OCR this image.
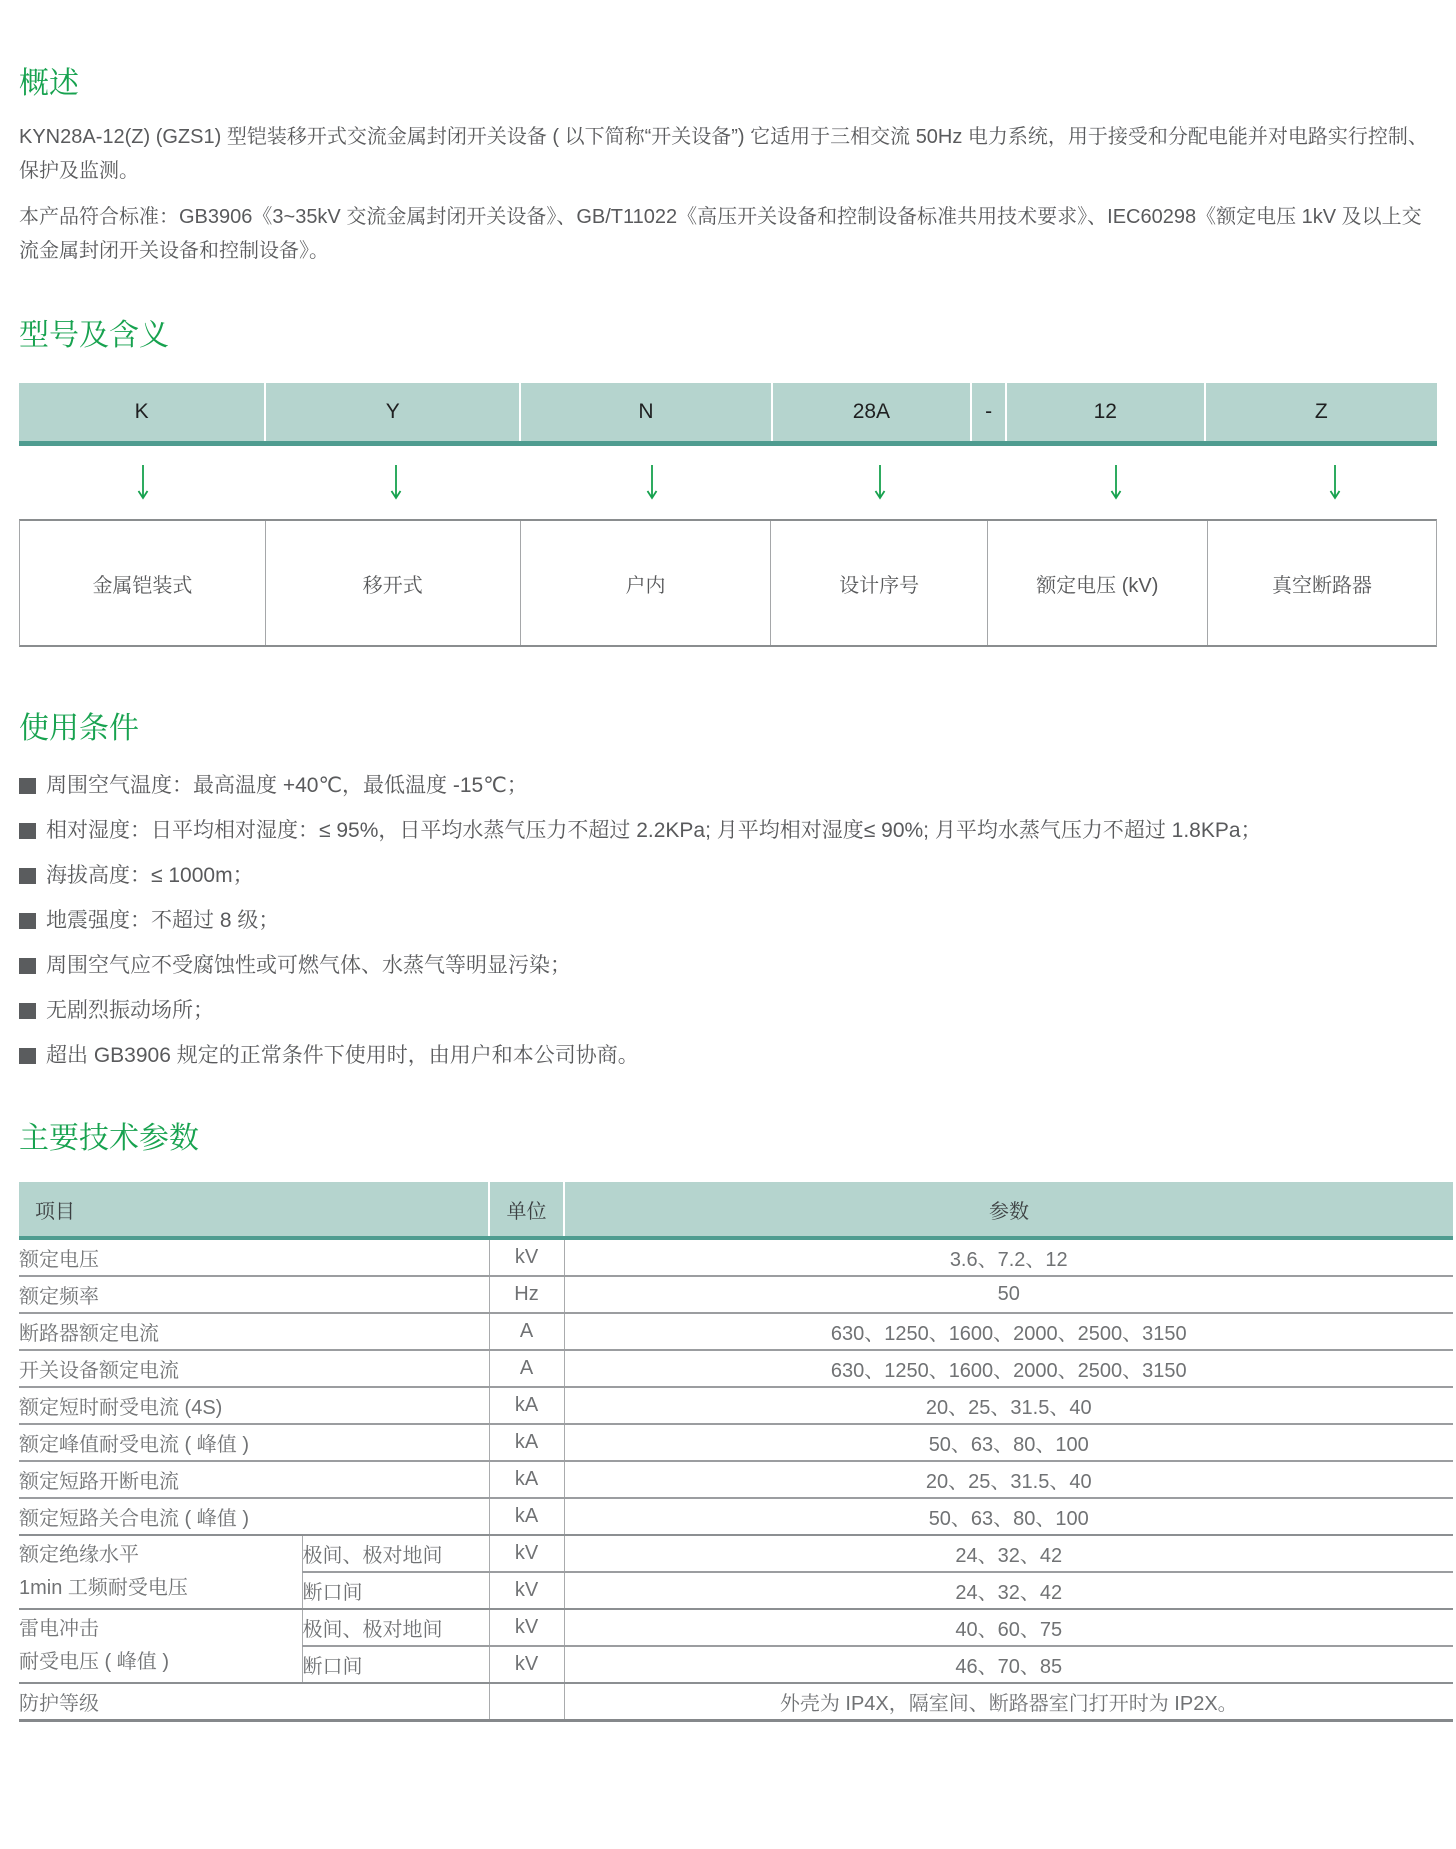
概述

KYN28A-12(Z) (GZS1) 型铠装移开式交流金属封闭开关设备 ( 以下简称“开关设备”) 它适用于三相交流 50Hz 电力系统，用于接受和分配电能并对电路实行控制、保护及监测。

本产品符合标准：GB3906《3~35kV 交流金属封闭开关设备》、GB/T11022《高压开关设备和控制设备标准共用技术要求》、IEC60298《额定电压 1kV 及以上交流金属封闭开关设备和控制设备》。

型号及含义
K	Y	N	28A	-	12	Z
金属铠装式	移开式	户内	设计序号	额定电压 (kV)	真空断路器
使用条件
周围空气温度：最高温度 +40℃，最低温度 -15℃；
相对湿度：日平均相对湿度：≤ 95%，日平均水蒸气压力不超过 2.2KPa; 月平均相对湿度≤ 90%; 月平均水蒸气压力不超过 1.8KPa；
海拔高度：≤ 1000m；
地震强度：不超过 8 级；
周围空气应不受腐蚀性或可燃气体、水蒸气等明显污染；
无剧烈振动场所；
超出 GB3906 规定的正常条件下使用时，由用户和本公司协商。
主要技术参数
项目		单位	参数
额定电压		kV	3.6、7.2、12
额定频率		Hz	50
断路器额定电流		A	630、1250、1600、2000、2500、3150
开关设备额定电流		A	630、1250、1600、2000、2500、3150
额定短时耐受电流 (4S)		kA	20、25、31.5、40
额定峰值耐受电流 ( 峰值 )		kA	50、63、80、100
额定短路开断电流		kA	20、25、31.5、40
额定短路关合电流 ( 峰值 )		kA	50、63、80、100

额定绝缘水平
1min 工频耐受电压	极间、极对地间	kV	24、32、42
	断口间	kV	24、32、42

雷电冲击
耐受电压 ( 峰值 )	极间、极对地间	kV	40、60、75
	断口间	kV	46、70、85
防护等级			外壳为 IP4X，隔室间、断路器室门打开时为 IP2X。
